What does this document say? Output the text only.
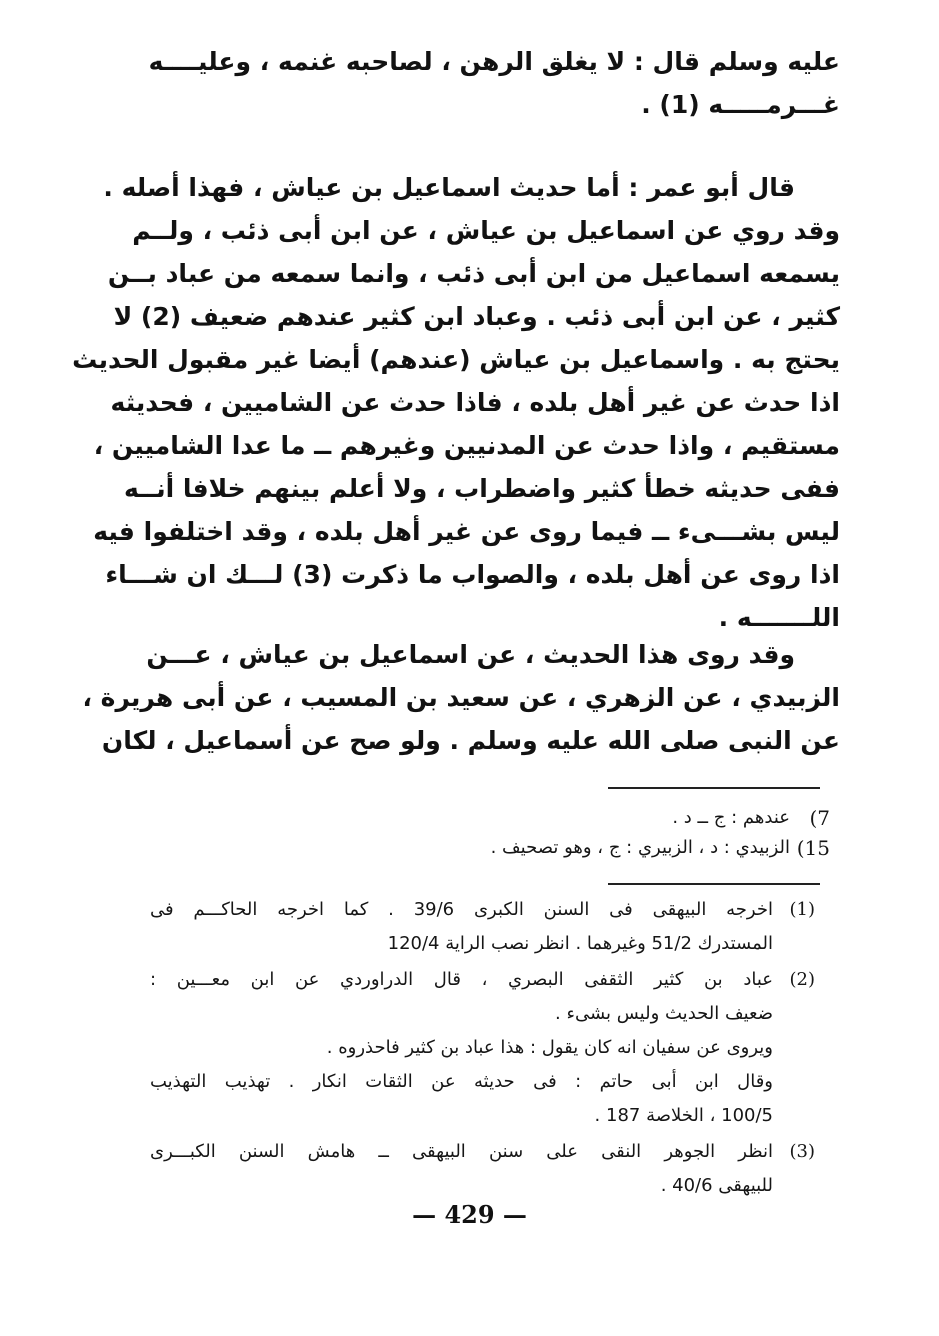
عليه وسلم قال : لا يغلق الرهن ، لصاحبه غنمه ، وعليــــه
غـــرمـــــه (1) .
قال أبو عمر : أما حديث اسماعيل بن عياش ، فهذا أصله .
وقد روي عن اسماعيل بن عياش ، عن ابن أبى ذئب ، ولــم
يسمعه اسماعيل من ابن أبى ذئب ، وانما سمعه من عباد بــن
كثير ، عن ابن أبى ذئب . وعباد ابن كثير عندهم ضعيف (2) لا
يحتج به . واسماعيل بن عياش (عندهم) أيضا غير مقبول الحديث
اذا حدث عن غير أهل بلده ، فاذا حدث عن الشاميين ، فحديثه
مستقيم ، واذا حدث عن المدنيين وغيرهم ــ ما عدا الشاميين ،
ففى حديثه خطأ كثير واضطراب ، ولا أعلم بينهم خلافا أنــه
ليس بشـــىء ــ فيما روى عن غير أهل بلده ، وقد اختلفوا فيه
اذا روى عن أهل بلده ، والصواب ما ذكرت (3) لـــك ان شـــاء
اللـــــــه .
وقد روى هذا الحديث ، عن اسماعيل بن عياش ، عـــن
الزبيدي ، عن الزهري ، عن سعيد بن المسيب ، عن أبى هريرة ،
عن النبى صلى الله عليه وسلم . ولو صح عن أسماعيل ، لكان
7)
عندهم : ج ــ د .
15)
الزبيدي : د ، الزبيري : ج ، وهو تصحيف .
(1)
اخرجه البيهقى فى السنن الكبرى 39/6 . كما اخرجه الحاكـــم فى
المستدرك 51/2 وغيرهما . انظر نصب الراية 120/4
(2)
عباد بن كثير الثقفى البصري ، قال الدراوردي عن ابن معـــين :
ضعيف الحديث وليس بشىء .
ويروى عن سفيان انه كان يقول : هذا عباد بن كثير فاحذروه .
وقال ابن أبى حاتم : فى حديثه عن الثقات انكار . تهذيب التهذيب
100/5 ، الخلاصة 187 .
(3)
انظر الجوهر النقى على سنن البيهقى ــ هامش السنن الكبـــرى
للبيهقى 40/6 .
— 429 —
